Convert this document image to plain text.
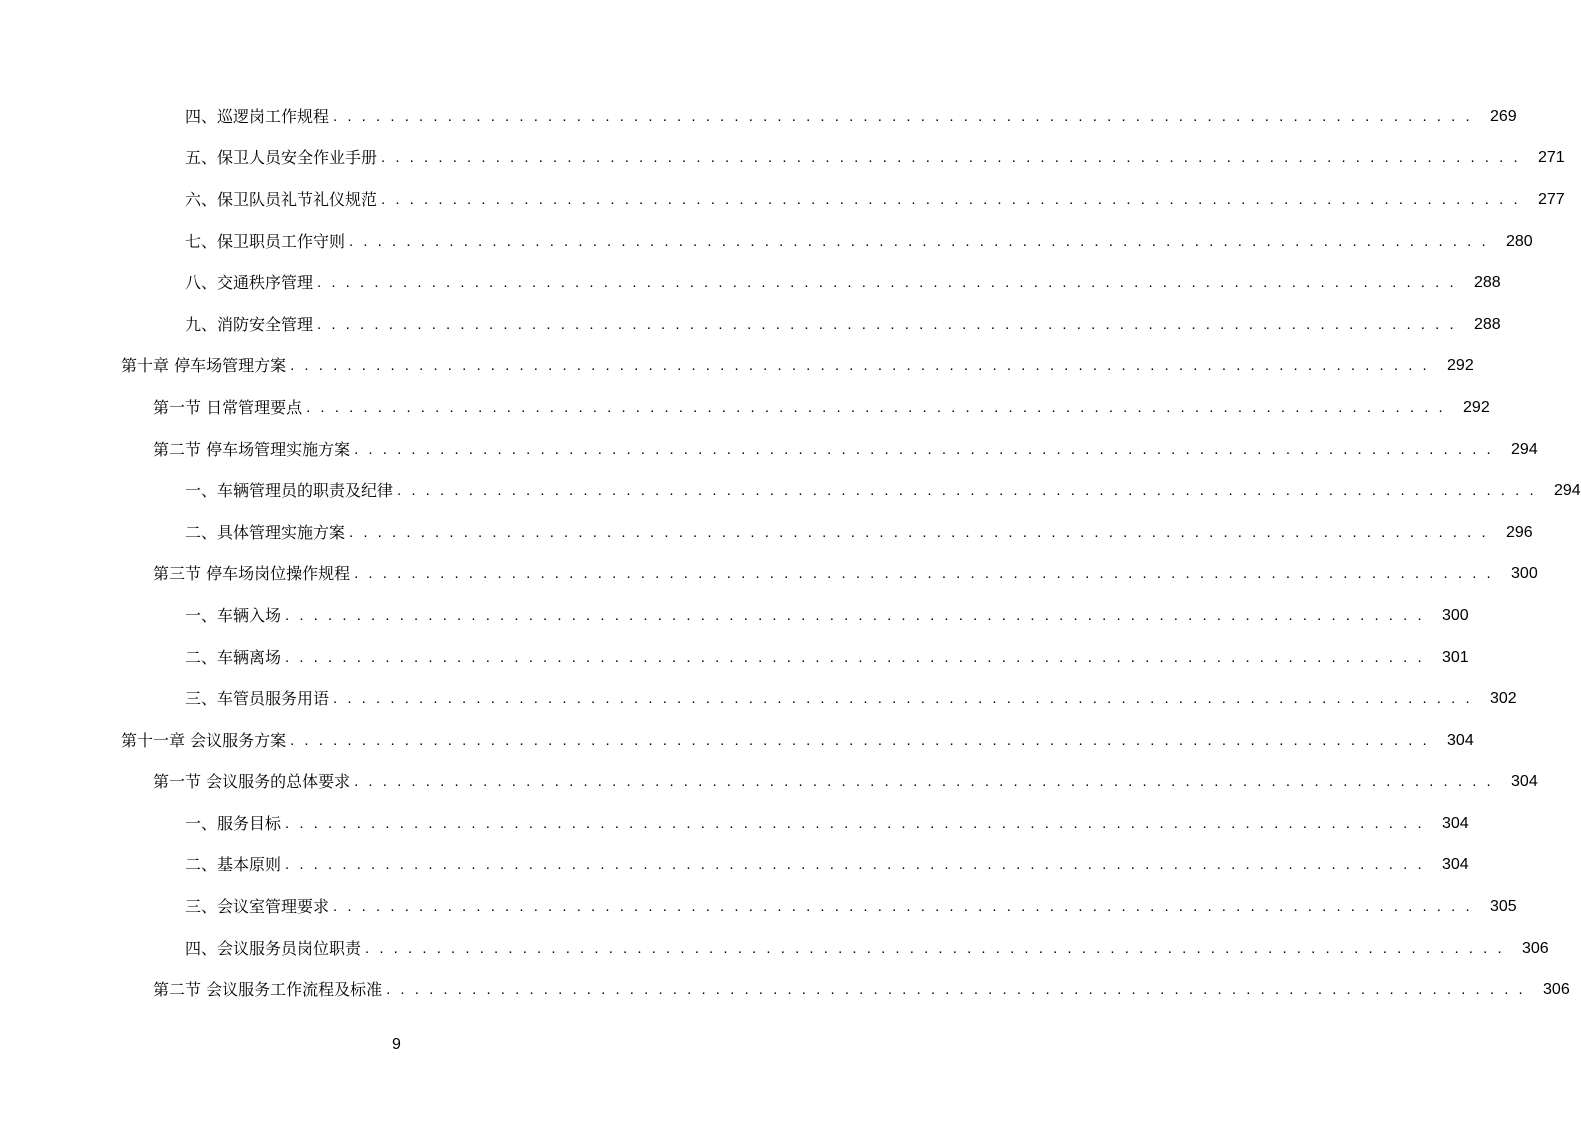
四、巡逻岗工作规程 . . . . . . . . . . . . . . . . . . . . . . . . . . . . . . . . . . . . . . . . . . . . . . . . . . . . . . . . . . . . . . . . . . . . . . . . . . . . . . . .	269
五、保卫人员安全作业手册 . . . . . . . . . . . . . . . . . . . . . . . . . . . . . . . . . . . . . . . . . . . . . . . . . . . . . . . . . . . . . . . . . . . . . . . . . . . . . . . .	271
六、保卫队员礼节礼仪规范 . . . . . . . . . . . . . . . . . . . . . . . . . . . . . . . . . . . . . . . . . . . . . . . . . . . . . . . . . . . . . . . . . . . . . . . . . . . . . . . .	277
七、保卫职员工作守则 . . . . . . . . . . . . . . . . . . . . . . . . . . . . . . . . . . . . . . . . . . . . . . . . . . . . . . . . . . . . . . . . . . . . . . . . . . . . . . . .	280
八、交通秩序管理 . . . . . . . . . . . . . . . . . . . . . . . . . . . . . . . . . . . . . . . . . . . . . . . . . . . . . . . . . . . . . . . . . . . . . . . . . . . . . . . .	288
九、消防安全管理 . . . . . . . . . . . . . . . . . . . . . . . . . . . . . . . . . . . . . . . . . . . . . . . . . . . . . . . . . . . . . . . . . . . . . . . . . . . . . . . .	288
第十章 停车场管理方案 . . . . . . . . . . . . . . . . . . . . . . . . . . . . . . . . . . . . . . . . . . . . . . . . . . . . . . . . . . . . . . . . . . . . . . . . . . . . . . . .	292
第一节 日常管理要点 . . . . . . . . . . . . . . . . . . . . . . . . . . . . . . . . . . . . . . . . . . . . . . . . . . . . . . . . . . . . . . . . . . . . . . . . . . . . . . . .	292
第二节 停车场管理实施方案 . . . . . . . . . . . . . . . . . . . . . . . . . . . . . . . . . . . . . . . . . . . . . . . . . . . . . . . . . . . . . . . . . . . . . . . . . . . . . . . .	294
一、车辆管理员的职责及纪律 . . . . . . . . . . . . . . . . . . . . . . . . . . . . . . . . . . . . . . . . . . . . . . . . . . . . . . . . . . . . . . . . . . . . . . . . . . . . . . . .	294
二、具体管理实施方案 . . . . . . . . . . . . . . . . . . . . . . . . . . . . . . . . . . . . . . . . . . . . . . . . . . . . . . . . . . . . . . . . . . . . . . . . . . . . . . . .	296
第三节 停车场岗位操作规程 . . . . . . . . . . . . . . . . . . . . . . . . . . . . . . . . . . . . . . . . . . . . . . . . . . . . . . . . . . . . . . . . . . . . . . . . . . . . . . . .	300
一、车辆入场 . . . . . . . . . . . . . . . . . . . . . . . . . . . . . . . . . . . . . . . . . . . . . . . . . . . . . . . . . . . . . . . . . . . . . . . . . . . . . . . .	300
二、车辆离场 . . . . . . . . . . . . . . . . . . . . . . . . . . . . . . . . . . . . . . . . . . . . . . . . . . . . . . . . . . . . . . . . . . . . . . . . . . . . . . . .	301
三、车管员服务用语 . . . . . . . . . . . . . . . . . . . . . . . . . . . . . . . . . . . . . . . . . . . . . . . . . . . . . . . . . . . . . . . . . . . . . . . . . . . . . . . .	302
第十一章 会议服务方案 . . . . . . . . . . . . . . . . . . . . . . . . . . . . . . . . . . . . . . . . . . . . . . . . . . . . . . . . . . . . . . . . . . . . . . . . . . . . . . . .	304
第一节 会议服务的总体要求 . . . . . . . . . . . . . . . . . . . . . . . . . . . . . . . . . . . . . . . . . . . . . . . . . . . . . . . . . . . . . . . . . . . . . . . . . . . . . . . .	304
一、服务目标 . . . . . . . . . . . . . . . . . . . . . . . . . . . . . . . . . . . . . . . . . . . . . . . . . . . . . . . . . . . . . . . . . . . . . . . . . . . . . . . .	304
二、基本原则 . . . . . . . . . . . . . . . . . . . . . . . . . . . . . . . . . . . . . . . . . . . . . . . . . . . . . . . . . . . . . . . . . . . . . . . . . . . . . . . .	304
三、会议室管理要求 . . . . . . . . . . . . . . . . . . . . . . . . . . . . . . . . . . . . . . . . . . . . . . . . . . . . . . . . . . . . . . . . . . . . . . . . . . . . . . . .	305
四、会议服务员岗位职责 . . . . . . . . . . . . . . . . . . . . . . . . . . . . . . . . . . . . . . . . . . . . . . . . . . . . . . . . . . . . . . . . . . . . . . . . . . . . . . . .	306
第二节 会议服务工作流程及标准 . . . . . . . . . . . . . . . . . . . . . . . . . . . . . . . . . . . . . . . . . . . . . . . . . . . . . . . . . . . . . . . . . . . . . . . . . . . . . . . .	306
9
